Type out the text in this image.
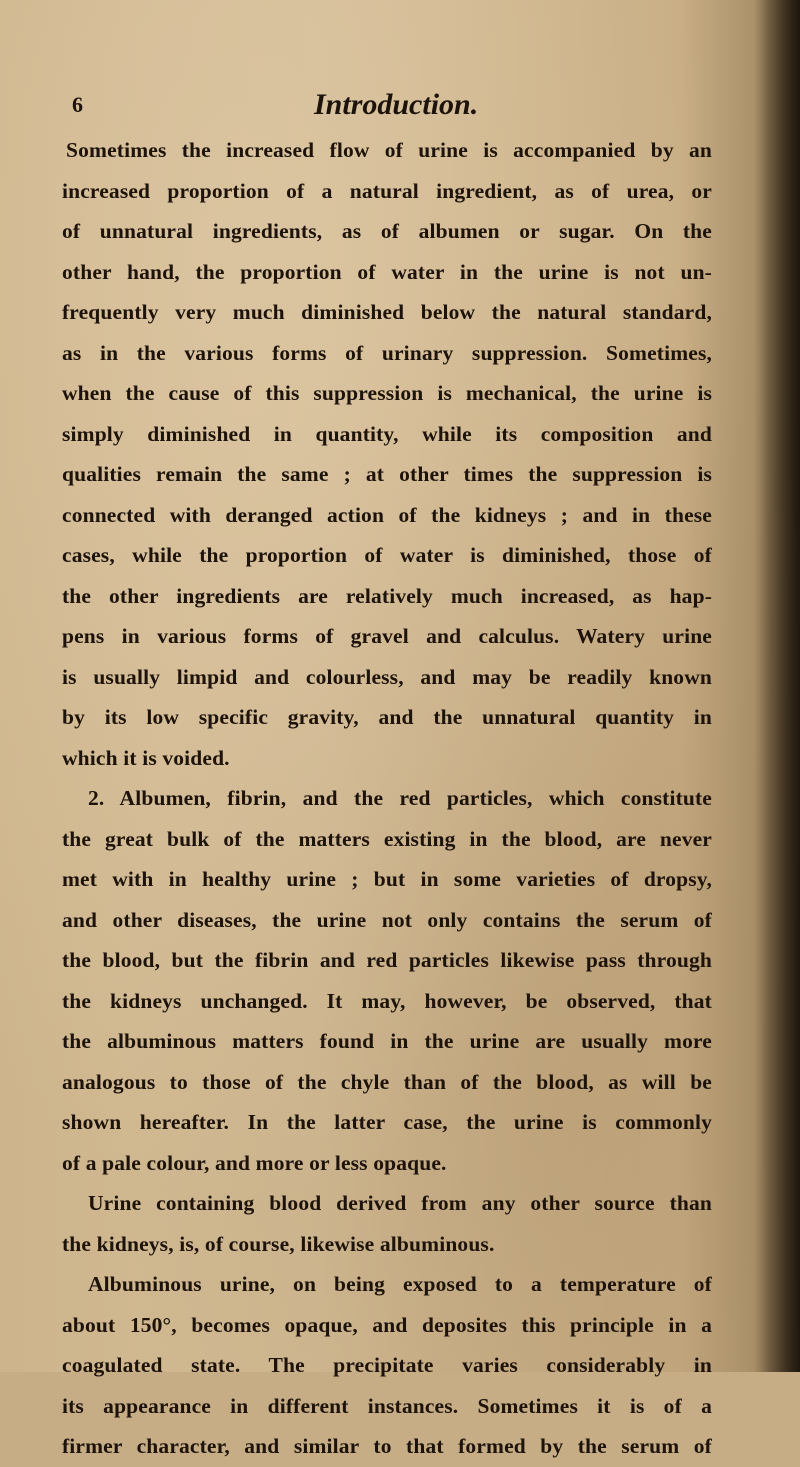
6	Introduction.
Sometimes the increased flow of urine is accompanied by an
increased proportion of a natural ingredient, as of urea, or
of unnatural ingredients, as of albumen or sugar. On the
other hand, the proportion of water in the urine is not un-
frequently very much diminished below the natural standard,
as in the various forms of urinary suppression. Sometimes,
when the cause of this suppression is mechanical, the urine is
simply diminished in quantity, while its composition and
qualities remain the same ; at other times the suppression is
connected with deranged action of the kidneys ; and in these
cases, while the proportion of water is diminished, those of
the other ingredients are relatively much increased, as hap-
pens in various forms of gravel and calculus. Watery urine
is usually limpid and colourless, and may be readily known
by its low specific gravity, and the unnatural quantity in
which it is voided.
2. Albumen, fibrin, and the red particles, which constitute
the great bulk of the matters existing in the blood, are never
met with in healthy urine ; but in some varieties of dropsy,
and other diseases, the urine not only contains the serum of
the blood, but the fibrin and red particles likewise pass through
the kidneys unchanged. It may, however, be observed, that
the albuminous matters found in the urine are usually more
analogous to those of the chyle than of the blood, as will be
shown hereafter. In the latter case, the urine is commonly
of a pale colour, and more or less opaque.
Urine containing blood derived from any other source than
the kidneys, is, of course, likewise albuminous.
Albuminous urine, on being exposed to a temperature of
about 150°, becomes opaque, and deposites this principle in a
coagulated state. The precipitate varies considerably in
its appearance in different instances. Sometimes it is of a
firmer character, and similar to that formed by the serum of
